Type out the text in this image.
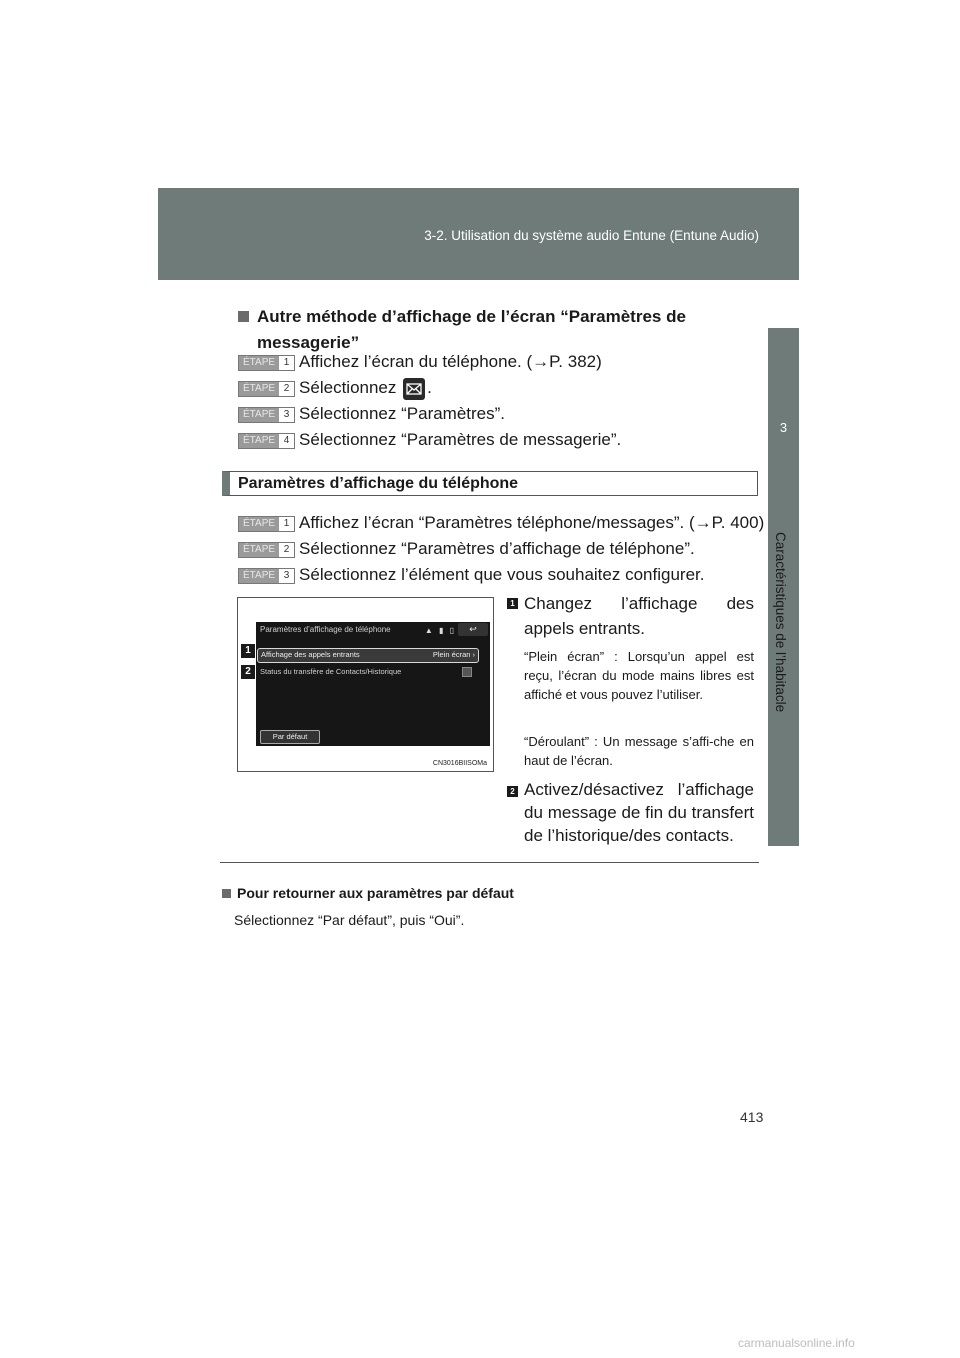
3-2. Utilisation du système audio Entune (Entune Audio)
3
Caractéristiques de l’habitacle
Autre méthode d’affichage de l’écran “Paramètres de
messagerie”
ÉTAPE 1 Affichez l’écran du téléphone. (→P. 382)
ÉTAPE 2 Sélectionnez .
ÉTAPE 3 Sélectionnez “Paramètres”.
ÉTAPE 4 Sélectionnez “Paramètres de messagerie”.
Paramètres d’affichage du téléphone
ÉTAPE 1 Affichez l’écran “Paramètres téléphone/messages”. (→P. 400)
ÉTAPE 2 Sélectionnez “Paramètres d’affichage de téléphone”.
ÉTAPE 3 Sélectionnez l’élément que vous souhaitez configurer.
Paramètres d’affichage de téléphone	▲ ▮ ▯	↩
Affichage des appels entrants	Plein écran ›
Status du transfère de Contacts/Historique
Par défaut
1
2
CN3016BIISOMa
1 Changez l’affichage des
appels entrants.
“Plein écran” : Lorsqu’un appel est reçu, l’écran du mode mains libres est affiché et vous pouvez l’utiliser.
“Déroulant” : Un message s’affi-che en haut de l’écran.
2 Activez/désactivez l’affichage
du message de fin du transfert
de l’historique/des contacts.
Pour retourner aux paramètres par défaut
Sélectionnez “Par défaut”, puis “Oui”.
413
carmanualsonline.info
